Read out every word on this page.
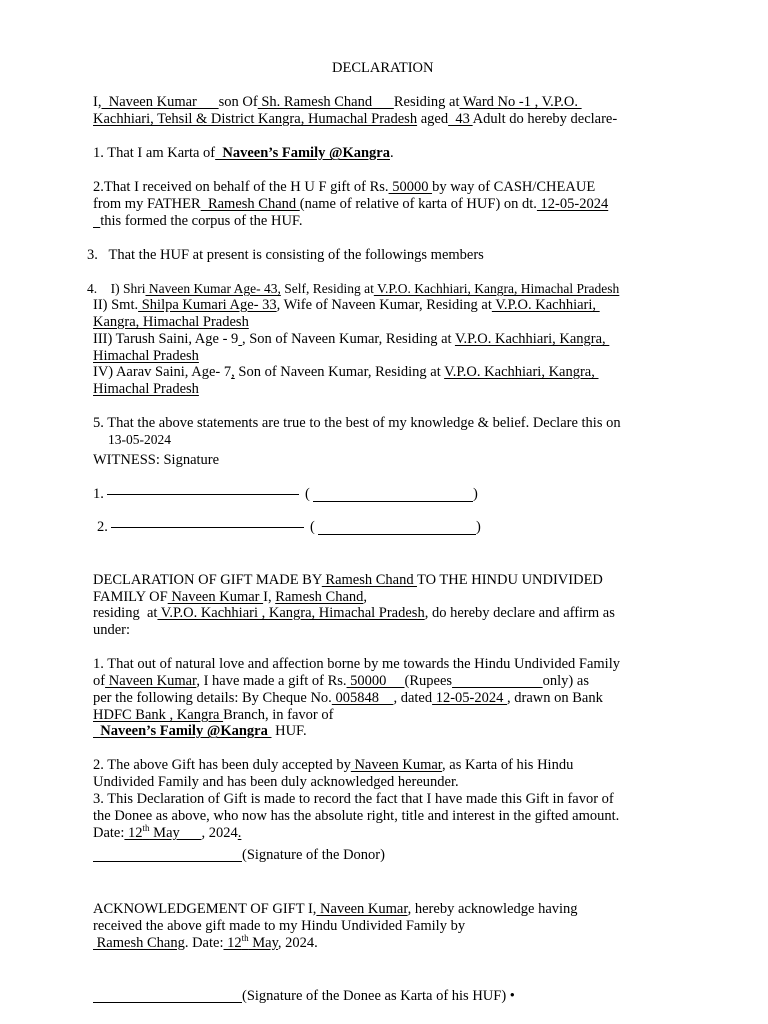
DECLARATION
I,  Naveen Kumar      son Of Sh. Ramesh Chand      Residing at Ward No -1 , V.P.O.
Kachhiari, Tehsil & District Kangra, Humachal Pradesh aged  43 Adult do hereby declare-
1. That I am Karta of  Naveen’s Family @Kangra.
2.That I received on behalf of the H U F gift of Rs. 50000 by way of CASH/CHEAUE
from my FATHER  Ramesh Chand (name of relative of karta of HUF) on dt. 12-05-2024
this formed the corpus of the HUF.
3.   That the HUF at present is consisting of the followings members
4.    I) Shri Naveen Kumar Age- 43, Self, Residing at V.P.O. Kachhiari, Kangra, Himachal Pradesh
II) Smt. Shilpa Kumari Age- 33, Wife of Naveen Kumar, Residing at V.P.O. Kachhiari,
Kangra, Himachal Pradesh
III) Tarush Saini, Age - 9 , Son of Naveen Kumar, Residing at V.P.O. Kachhiari, Kangra,
Himachal Pradesh
IV) Aarav Saini, Age- 7, Son of Naveen Kumar, Residing at V.P.O. Kachhiari, Kangra,
Himachal Pradesh
5. That the above statements are true to the best of my knowledge & belief. Declare this on
13-05-2024
WITNESS: Signature
1.	(	)
2.	(	)
DECLARATION OF GIFT MADE BY Ramesh Chand TO THE HINDU UNDIVIDED
FAMILY OF Naveen Kumar I, Ramesh Chand,
residing  at V.P.O. Kachhiari , Kangra, Himachal Pradesh, do hereby declare and affirm as
under:
1. That out of natural love and affection borne by me towards the Hindu Undivided Family
of Naveen Kumar, I have made a gift of Rs. 50000     (Rupees	only) as
per the following details: By Cheque No. 005848    , dated 12-05-2024 , drawn on Bank
HDFC Bank , Kangra Branch, in favor of
Naveen’s Family @Kangra  HUF.
2. The above Gift has been duly accepted by Naveen Kumar, as Karta of his Hindu
Undivided Family and has been duly acknowledged hereunder.
3. This Declaration of Gift is made to record the fact that I have made this Gift in favor of
the Donee as above, who now has the absolute right, title and interest in the gifted amount.
Date: 12th May      , 2024.
(Signature of the Donor)
ACKNOWLEDGEMENT OF GIFT I, Naveen Kumar, hereby acknowledge having
received the above gift made to my Hindu Undivided Family by
Ramesh Chang. Date: 12th May, 2024.
(Signature of the Donee as Karta of his HUF) •
